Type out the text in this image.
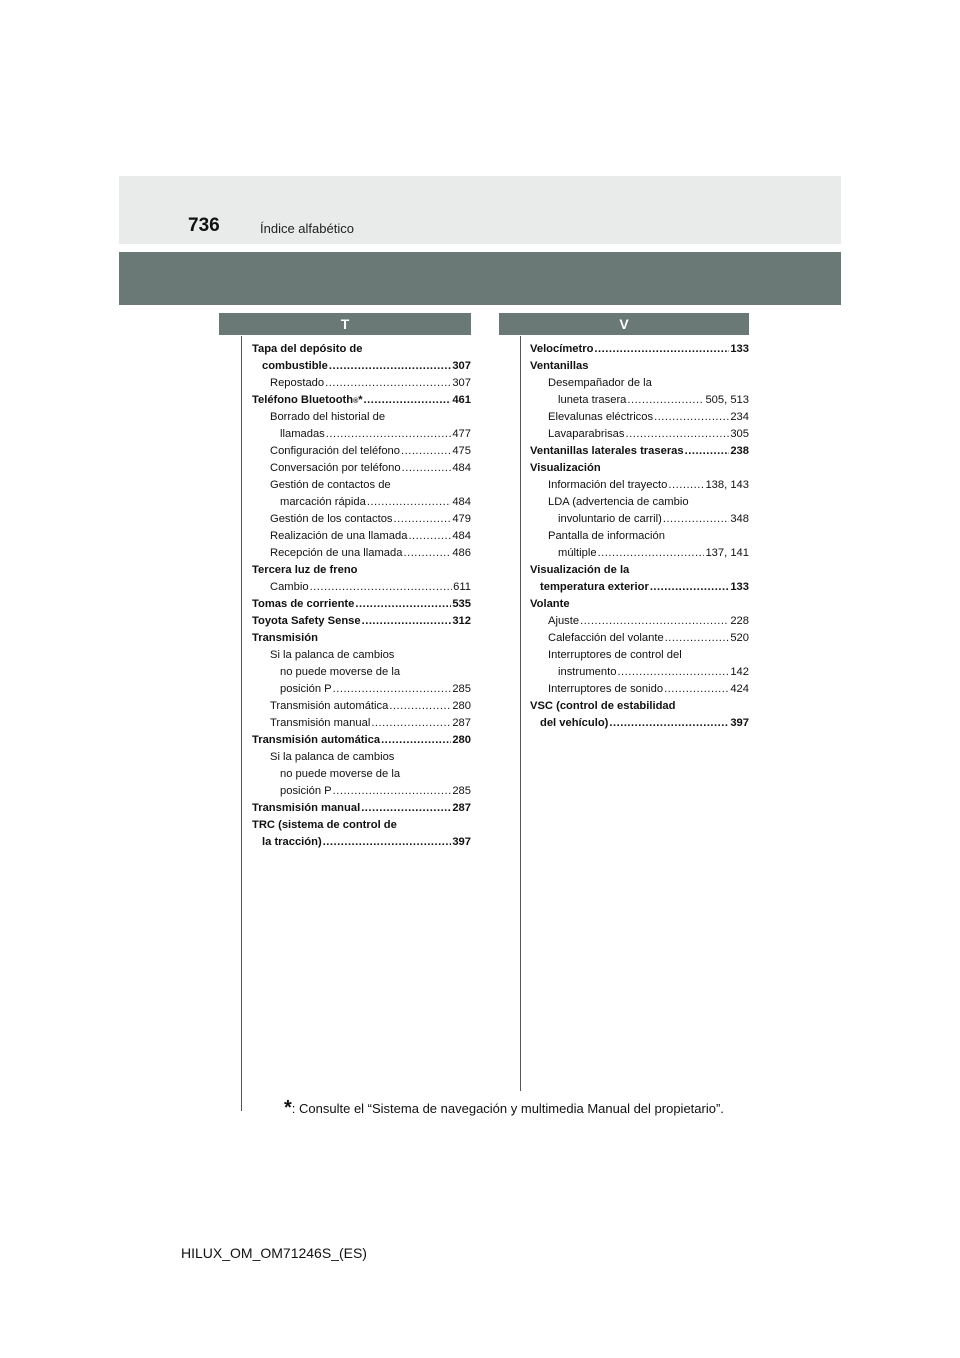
736	Índice alfabético
T	V
Tapa del depósito de
combustible .....	307
Repostado .....	307
Teléfono Bluetooth ® * .....	461
Borrado del historial de
llamadas .....	477
Configuración del teléfono .....	475
Conversación por teléfono .....	484
Gestión de contactos de
marcación rápida .....	484
Gestión de los contactos .....	479
Realización de una llamada .....	484
Recepción de una llamada .....	486
Tercera luz de freno
Cambio .....	611
Tomas de corriente .....	535
Toyota Safety Sense .....	312
Transmisión
Si la palanca de cambios
no puede moverse de la
posición P .....	285
Transmisión automática .....	280
Transmisión manual .....	287
Transmisión automática .....	280
Si la palanca de cambios
no puede moverse de la
posición P .....	285
Transmisión manual .....	287
TRC (sistema de control de
la tracción) .....	397
Velocímetro .....	133
Ventanillas
Desempañador de la
luneta trasera .....	505, 513
Elevalunas eléctricos .....	234
Lavaparabrisas .....	305
Ventanillas laterales traseras .....	238
Visualización
Información del trayecto .....	138, 143
LDA (advertencia de cambio
involuntario de carril) .....	348
Pantalla de información
múltiple .....	137, 141
Visualización de la
temperatura exterior .....	133
Volante
Ajuste .....	228
Calefacción del volante .....	520
Interruptores de control del
instrumento .....	142
Interruptores de sonido .....	424
VSC (control de estabilidad
del vehículo) .....	397
*: Consulte el “Sistema de navegación y multimedia Manual del propietario”.
HILUX_OM_OM71246S_(ES)
